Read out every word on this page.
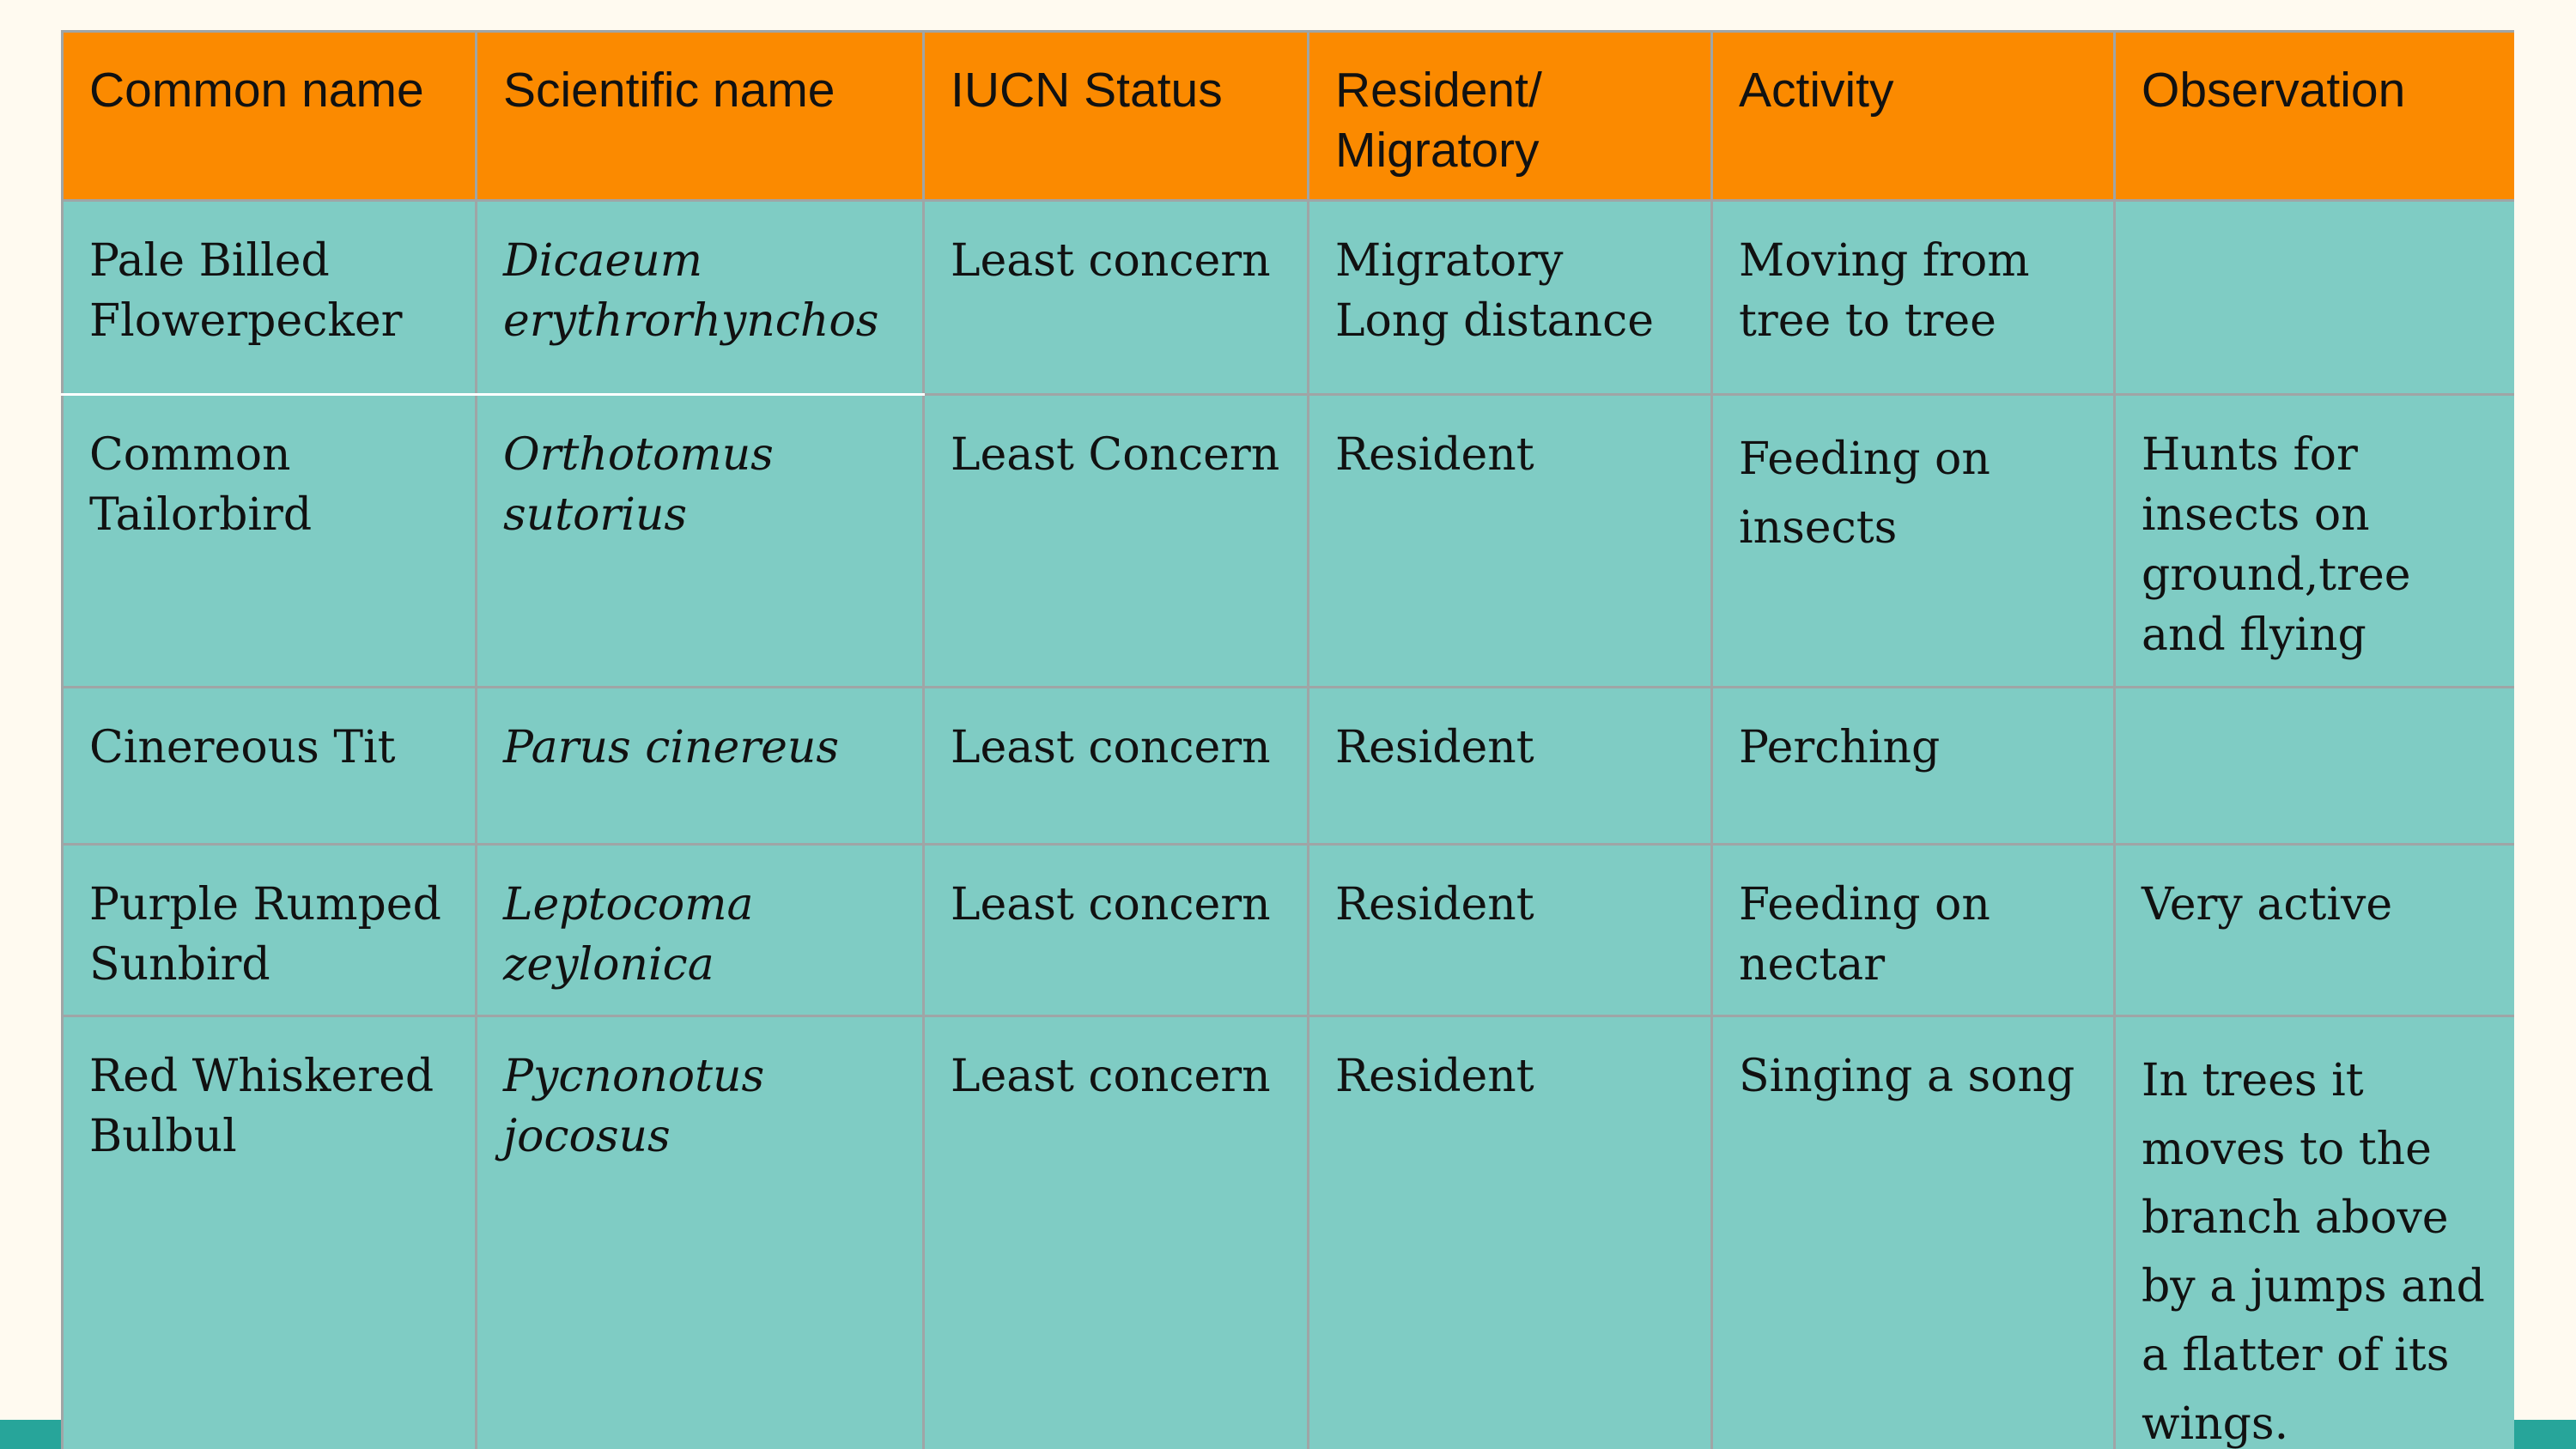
Common name	Scientific name	IUCN Status	Resident/ Migratory	Activity	Observation
Pale Billed Flowerpecker	Dicaeum erythrorhynchos	Least concern	Migratory Long distance	Moving from tree to tree	
Common Tailorbird	Orthotomus sutorius	Least Concern	Resident	Feeding on insects	Hunts for insects on ground,tree and flying
Cinereous Tit	Parus cinereus	Least concern	Resident	Perching	
Purple Rumped Sunbird	Leptocoma zeylonica	Least concern	Resident	Feeding on nectar	Very active
Red Whiskered Bulbul	Pycnonotus jocosus	Least concern	Resident	Singing a song	In trees it moves to the branch above by a jumps and a flatter of its wings.
